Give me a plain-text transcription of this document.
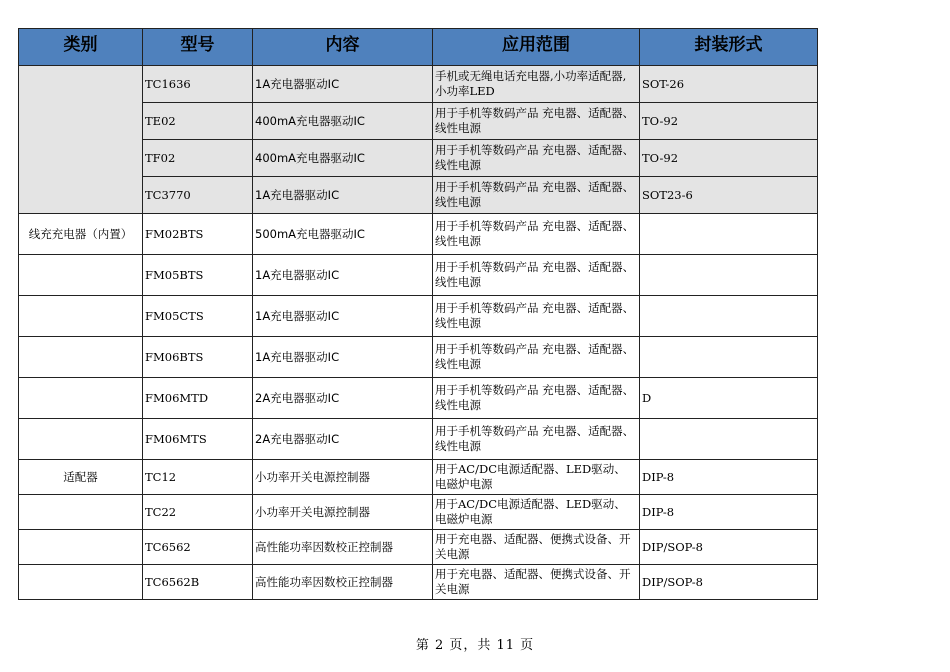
类别	型号	内容	应用范围	封装形式
	TC1636	1A充电器驱动IC	手机或无绳电话充电器,小功率适配器,小功率LED	SOT-26
	TE02	400mA充电器驱动IC	用于手机等数码产品 充电器、适配器、线性电源	TO-92
	TF02	400mA充电器驱动IC	用于手机等数码产品 充电器、适配器、线性电源	TO-92
	TC3770	1A充电器驱动IC	用于手机等数码产品 充电器、适配器、线性电源	SOT23-6
线充充电器（内置）	FM02BTS	500mA充电器驱动IC	用于手机等数码产品 充电器、适配器、线性电源	
	FM05BTS	1A充电器驱动IC	用于手机等数码产品 充电器、适配器、线性电源	
	FM05CTS	1A充电器驱动IC	用于手机等数码产品 充电器、适配器、线性电源	
	FM06BTS	1A充电器驱动IC	用于手机等数码产品 充电器、适配器、线性电源	
	FM06MTD	2A充电器驱动IC	用于手机等数码产品 充电器、适配器、线性电源	D
	FM06MTS	2A充电器驱动IC	用于手机等数码产品 充电器、适配器、线性电源	
适配器	TC12	小功率开关电源控制器	用于AC/DC电源适配器、LED驱动、电磁炉电源	DIP-8
	TC22	小功率开关电源控制器	用于AC/DC电源适配器、LED驱动、电磁炉电源	DIP-8
	TC6562	高性能功率因数校正控制器	用于充电器、适配器、便携式设备、开关电源	DIP/SOP-8
	TC6562B	高性能功率因数校正控制器	用于充电器、适配器、便携式设备、开关电源	DIP/SOP-8
第 2 页，共 11 页
